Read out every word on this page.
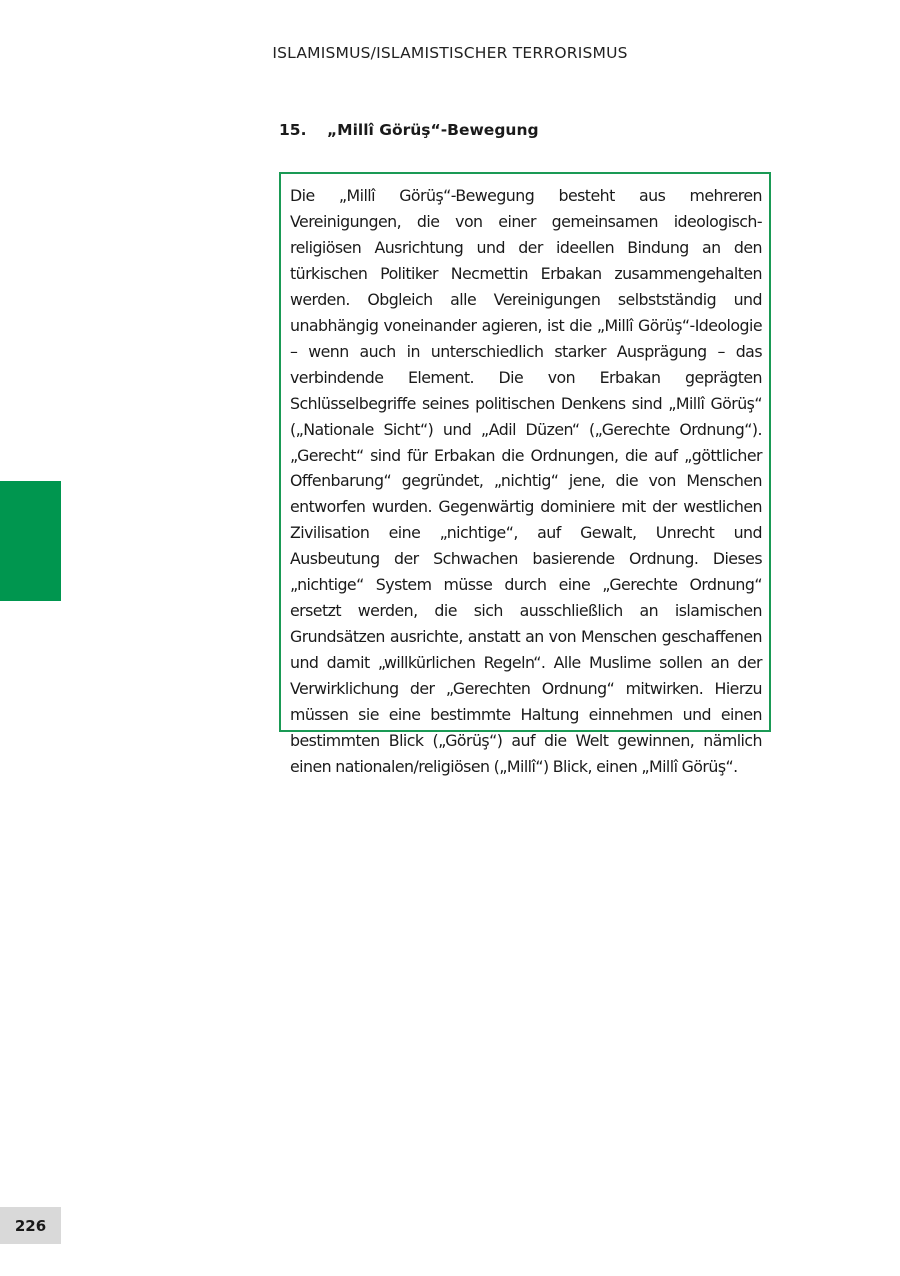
ISLAMISMUS/ISLAMISTISCHER TERRORISMUS
15. „Millî Görüş“-Bewegung

Die „Millî Görüş“-Bewegung besteht aus mehreren Vereinigungen, die von einer gemeinsamen ideologisch-religiösen Ausrichtung und der ideellen Bindung an den türkischen Politiker Necmettin Erbakan zusammengehalten werden. Obgleich alle Vereinigungen selbstständig und unabhängig voneinander agieren, ist die „Millî Görüş“-Ideologie – wenn auch in unterschiedlich starker Ausprägung – das verbindende Element. Die von Erbakan geprägten Schlüsselbegriffe seines politischen Denkens sind „Millî Görüş“ („Nationale Sicht“) und „Adil Düzen“ („Gerechte Ordnung“). „Gerecht“ sind für Erbakan die Ordnungen, die auf „göttlicher Offenbarung“ gegründet, „nichtig“ jene, die von Menschen entworfen wurden. Gegenwärtig dominiere mit der westlichen Zivilisation eine „nichtige“, auf Gewalt, Unrecht und Ausbeutung der Schwachen basierende Ordnung. Dieses „nichtige“ System müsse durch eine „Gerechte Ordnung“ ersetzt werden, die sich ausschließlich an islamischen Grundsätzen ausrichte, anstatt an von Menschen geschaffenen und damit „willkürlichen Regeln“. Alle Muslime sollen an der Verwirklichung der „Gerechten Ordnung“ mitwirken. Hierzu müssen sie eine bestimmte Haltung einnehmen und einen bestimmten Blick („Görüş“) auf die Welt gewinnen, nämlich einen nationalen/religiösen („Millî“) Blick, einen „Millî Görüş“.

226
